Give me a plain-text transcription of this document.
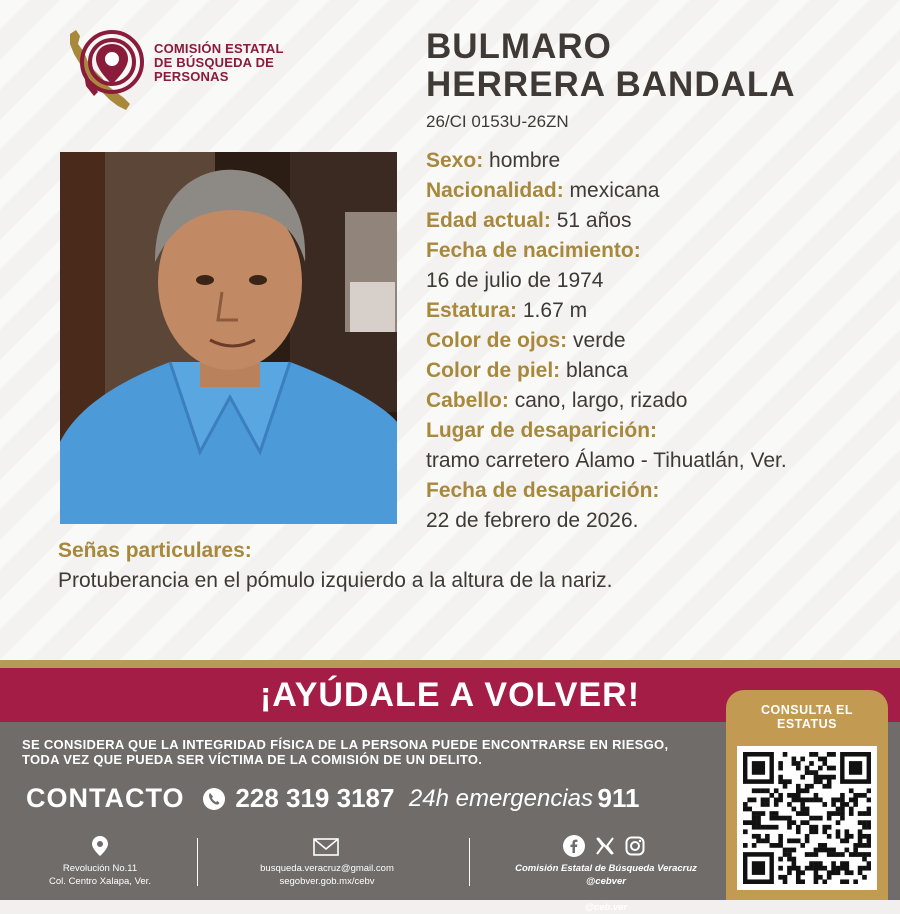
COMISIÓN ESTATAL
DE BÚSQUEDA DE
PERSONAS
BULMARO
HERRERA BANDALA
26/CI 0153U-26ZN
Sexo: hombre
Nacionalidad: mexicana
Edad actual: 51 años
Fecha de nacimiento:
16 de julio de 1974
Estatura: 1.67 m
Color de ojos: verde
Color de piel: blanca
Cabello: cano, largo, rizado
Lugar de desaparición:
tramo carretero Álamo - Tihuatlán, Ver.
Fecha de desaparición:
22 de febrero de 2026.
Señas particulares:
Protuberancia en el pómulo izquierdo a la altura de la nariz.
¡AYÚDALE A VOLVER!
SE CONSIDERA QUE LA INTEGRIDAD FÍSICA DE LA PERSONA PUEDE ENCONTRARSE EN RIESGO,
TODA VEZ QUE PUEDA SER VÍCTIMA DE LA COMISIÓN DE UN DELITO.
CONTACTO 228 319 3187 24h emergencias 911
Revolución No.11
Col. Centro Xalapa, Ver.
busqueda.veracruz@gmail.com
segobver.gob.mx/cebv
Comisión Estatal de Búsqueda Veracruz
@cebver

@ceb.ver
CONSULTA EL
ESTATUS
